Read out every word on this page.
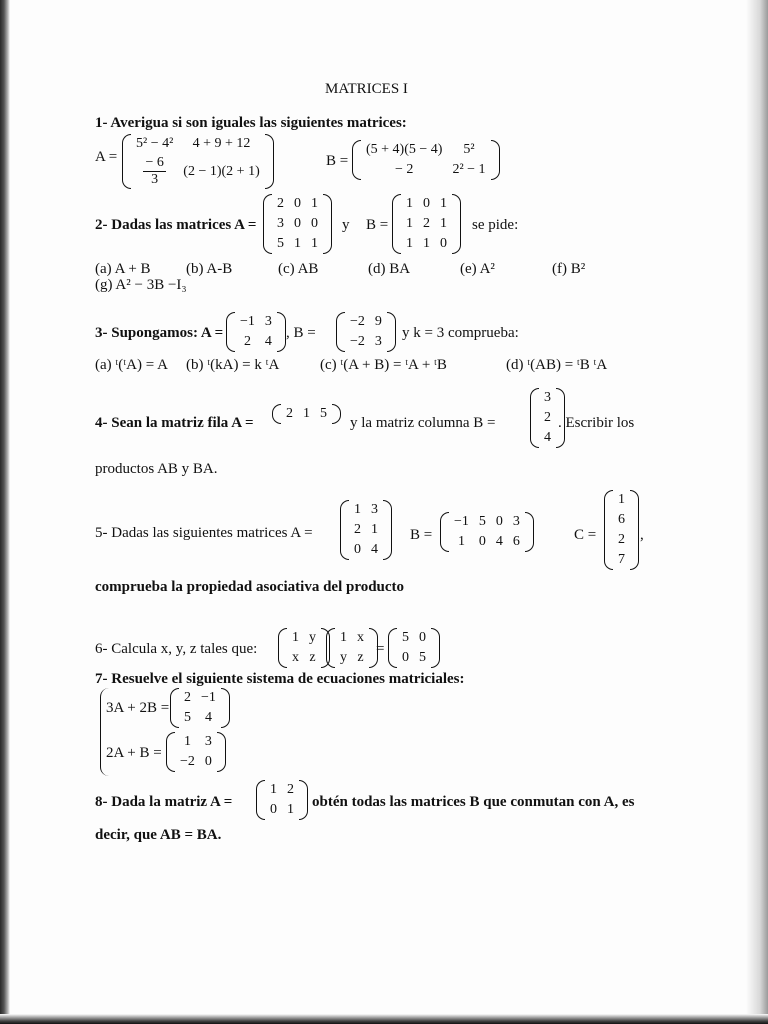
MATRICES I
1- Averigua si son iguales las siguientes matrices:
A =
5² − 4²	4 + 9 + 12

$\frac{- 6}{3}$	(2 − 1)(2 + 1)
B =
(5 + 4)(5 − 4)	5²
− 2	2² − 1
2- Dadas las matrices A =
2	0	1
3	0	0
5	1	1
y B =
1	0	1
1	2	1
1	1	0
se pide:
(a) A + B (b) A-B	(c) AB	(d) BA	(e) A²	(f) B²
(g) A² − 3B −I₃
3- Supongamos: A =
−1	3
2	4
, B =
−2	9
−2	3
y k = 3 comprueba:
(a) ᵗ(ᵗA) = A (b) ᵗ(kA) = k ᵗA	(c) ᵗ(A + B) = ᵗA + ᵗB	(d) ᵗ(AB) = ᵗB ᵗA
4- Sean la matriz fila A =
2	1	5
y la matriz columna B =
3
2
4
. Escribir los
productos AB y BA.
5- Dadas las siguientes matrices A =
1	3
2	1
0	4
B =
−1	5	0	3
1	0	4	6	C =
1
6
2
7
,
comprueba la propiedad asociativa del producto
6- Calcula x, y, z tales que:
1	y
x	z
1	x
y	z
=
5	0
0	5
7- Resuelve el siguiente sistema de ecuaciones matriciales:
3A + 2B =
2	−1
5	4
2A + B =
1	3
−2	0
8- Dada la matriz A =
1	2
0	1 obtén todas las matrices B que conmutan con A, es
decir, que AB = BA.
